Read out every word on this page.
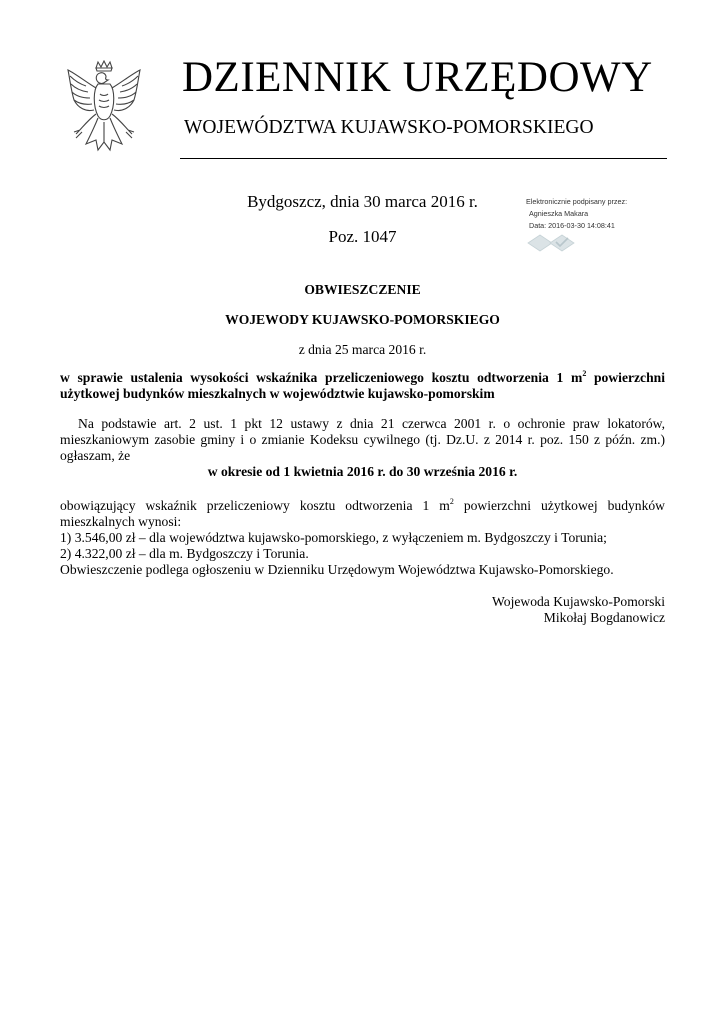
DZIENNIK URZĘDOWY
WOJEWÓDZTWA KUJAWSKO-POMORSKIEGO
Bydgoszcz, dnia 30 marca 2016 r.
Poz. 1047
Elektronicznie podpisany przez:
Agnieszka Makara
Data: 2016-03-30 14:08:41

OBWIESZCZENIE

WOJEWODY KUJAWSKO-POMORSKIEGO

z dnia 25 marca 2016 r.

w sprawie ustalenia wysokości wskaźnika przeliczeniowego kosztu odtworzenia 1 $m^2$ powierzchni
użytkowej budynków mieszkalnych w województwie kujawsko-pomorskim

Na podstawie art. 2 ust. 1 pkt 12 ustawy z dnia 21 czerwca 2001 r. o ochronie praw lokatorów,
mieszkaniowym zasobie gminy i o zmianie Kodeksu cywilnego (tj. Dz.U. z 2014 r. poz. 150 z późn. zm.)
ogłaszam, że

w okresie od 1 kwietnia 2016 r. do 30 września 2016 r.

obowiązujący wskaźnik przeliczeniowy kosztu odtworzenia 1 $m^2$ powierzchni użytkowej budynków
mieszkalnych wynosi:
1) 3.546,00 zł – dla województwa kujawsko-pomorskiego, z wyłączeniem m. Bydgoszczy i Torunia;
2) 4.322,00 zł – dla m. Bydgoszczy i Torunia.
Obwieszczenie podlega ogłoszeniu w Dzienniku Urzędowym Województwa Kujawsko-Pomorskiego.

Wojewoda Kujawsko-Pomorski
Mikołaj Bogdanowicz
